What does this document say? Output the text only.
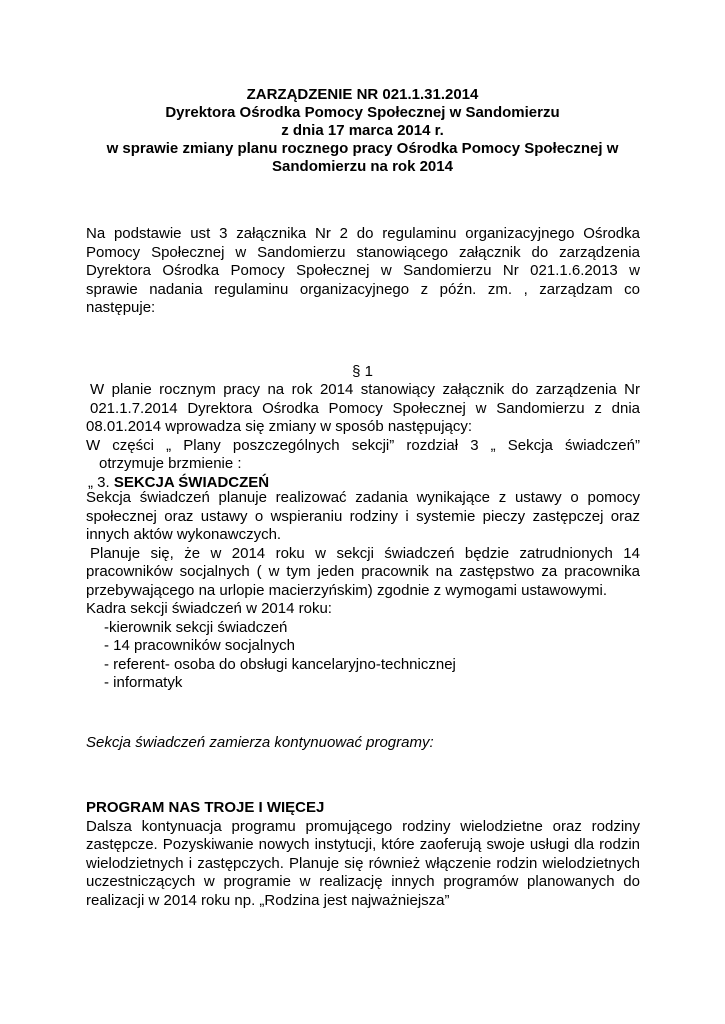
ZARZĄDZENIE NR 021.1.31.2014
Dyrektora Ośrodka Pomocy Społecznej w Sandomierzu
z dnia 17 marca 2014 r.
w sprawie zmiany planu rocznego pracy Ośrodka Pomocy Społecznej w
Sandomierzu na rok 2014
Na podstawie ust 3 załącznika Nr 2 do regulaminu organizacyjnego Ośrodka
Pomocy Społecznej w Sandomierzu stanowiącego załącznik do zarządzenia
Dyrektora Ośrodka Pomocy Społecznej w Sandomierzu Nr 021.1.6.2013 w
sprawie nadania regulaminu organizacyjnego z późn. zm. , zarządzam co
następuje:
§ 1
W planie rocznym pracy na rok 2014 stanowiący załącznik do zarządzenia Nr
021.1.7.2014 Dyrektora Ośrodka Pomocy Społecznej w Sandomierzu z dnia
08.01.2014 wprowadza się zmiany w sposób następujący:
W części „ Plany poszczególnych sekcji” rozdział 3 „ Sekcja świadczeń”
otrzymuje brzmienie :
„ 3. SEKCJA ŚWIADCZEŃ
Sekcja świadczeń planuje realizować zadania wynikające z ustawy o pomocy
społecznej oraz ustawy o wspieraniu rodziny i systemie pieczy zastępczej oraz
innych aktów wykonawczych.
Planuje się, że w 2014 roku w sekcji świadczeń będzie zatrudnionych 14
pracowników socjalnych ( w tym jeden pracownik na zastępstwo za pracownika
przebywającego na urlopie macierzyńskim) zgodnie z wymogami ustawowymi.
Kadra sekcji świadczeń w 2014 roku:
-kierownik sekcji świadczeń
- 14 pracowników socjalnych
- referent- osoba do obsługi kancelaryjno-technicznej
- informatyk
Sekcja świadczeń zamierza kontynuować programy:
PROGRAM NAS TROJE I WIĘCEJ
Dalsza kontynuacja programu promującego rodziny wielodzietne oraz rodziny
zastępcze. Pozyskiwanie nowych instytucji, które zaoferują swoje usługi dla rodzin
wielodzietnych i zastępczych. Planuje się również włączenie rodzin wielodzietnych
uczestniczących w programie w realizację innych programów planowanych do
realizacji w 2014 roku np. „Rodzina jest najważniejsza”
